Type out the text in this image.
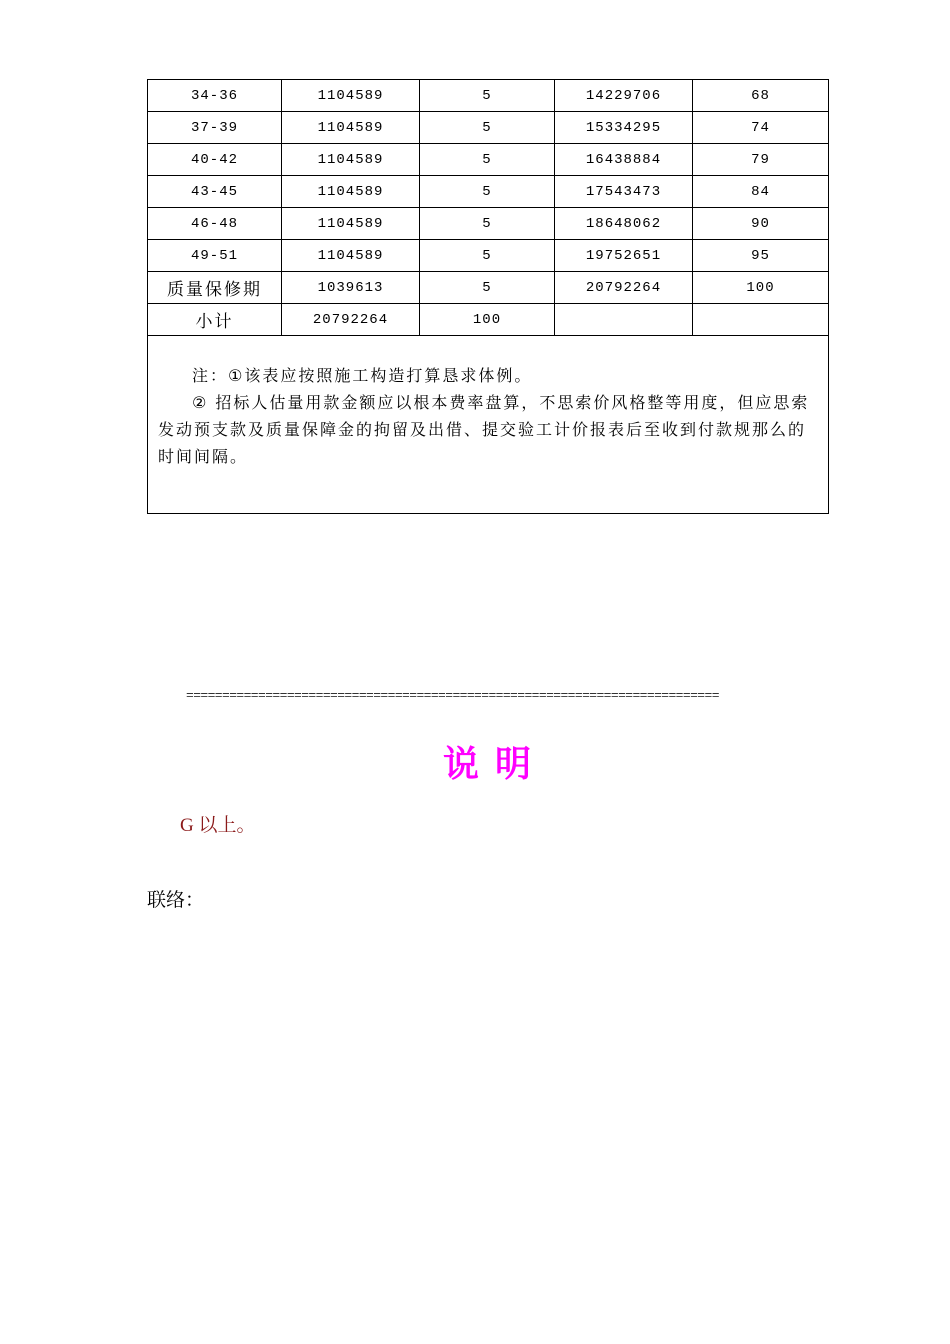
34-36	1104589	5	14229706	68
37-39	1104589	5	15334295	74
40-42	1104589	5	16438884	79
43-45	1104589	5	17543473	84
46-48	1104589	5	18648062	90
49-51	1104589	5	19752651	95
质量保修期	1039613	5	20792264	100
小计	20792264	100		

注：①该表应按照施工构造打算恳求体例。

② 招标人估量用款金额应以根本费率盘算，不思索价风格整等用度，但应思索发动预支款及质量保障金的拘留及出借、提交验工计价报表后至收到付款规那么的时间间隔。				

==========================================================================
说明
G 以上。
联络：
